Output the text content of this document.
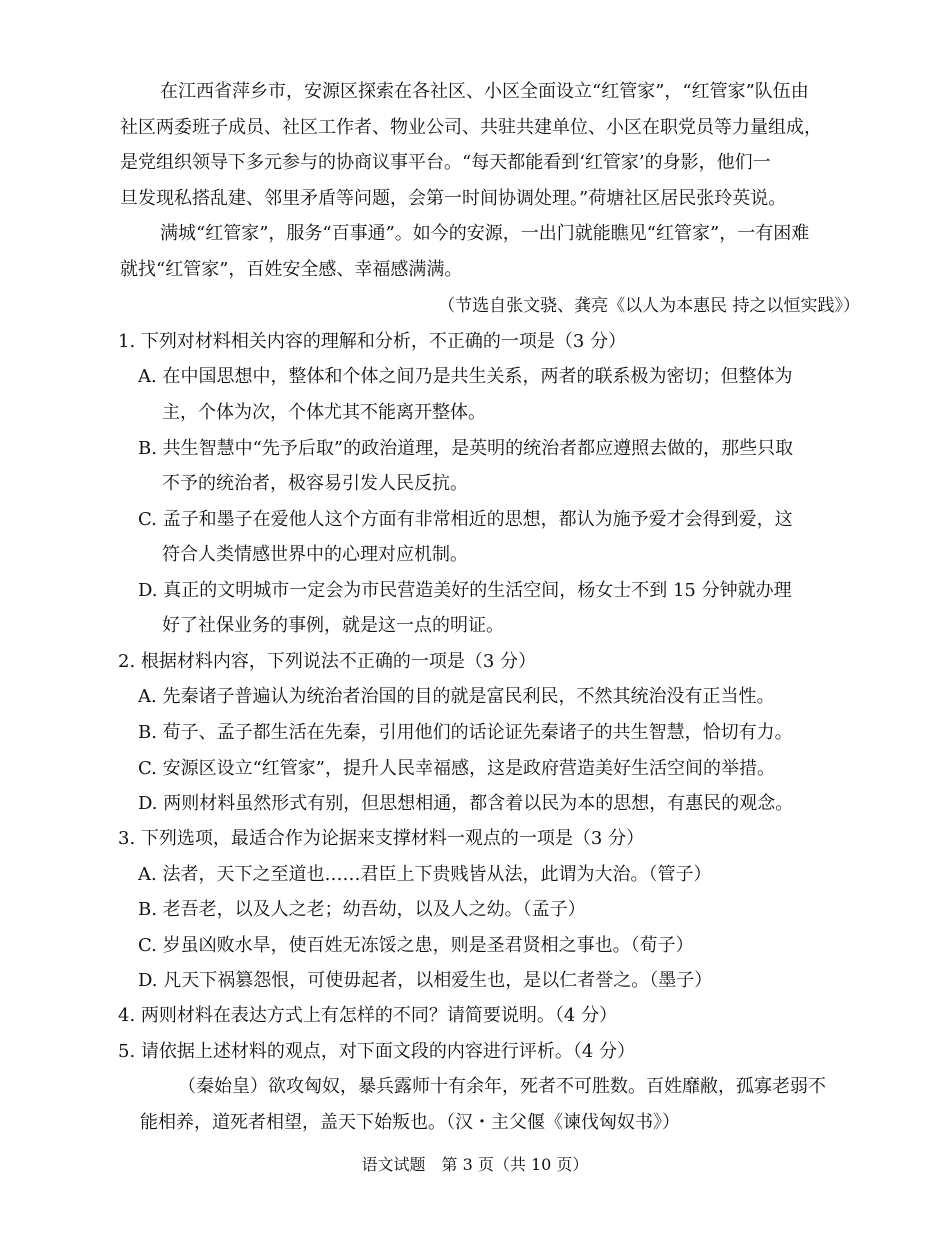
在江西省萍乡市，安源区探索在各社区、小区全面设立“红管家”，“红管家”队伍由
社区两委班子成员、社区工作者、物业公司、共驻共建单位、小区在职党员等力量组成，
是党组织领导下多元参与的协商议事平台。“每天都能看到‘红管家’的身影，他们一
旦发现私搭乱建、邻里矛盾等问题，会第一时间协调处理。”荷塘社区居民张玲英说。
满城“红管家”，服务“百事通”。如今的安源，一出门就能瞧见“红管家”，一有困难
就找“红管家”，百姓安全感、幸福感满满。
（节选自张文骁、龚亮《以人为本惠民 持之以恒实践》）
1. 下列对材料相关内容的理解和分析，不正确的一项是（3 分）
A. 在中国思想中，整体和个体之间乃是共生关系，两者的联系极为密切；但整体为
主，个体为次，个体尤其不能离开整体。
B. 共生智慧中“先予后取”的政治道理，是英明的统治者都应遵照去做的，那些只取
不予的统治者，极容易引发人民反抗。
C. 孟子和墨子在爱他人这个方面有非常相近的思想，都认为施予爱才会得到爱，这
符合人类情感世界中的心理对应机制。
D. 真正的文明城市一定会为市民营造美好的生活空间，杨女士不到 15 分钟就办理
好了社保业务的事例，就是这一点的明证。
2. 根据材料内容，下列说法不正确的一项是（3 分）
A. 先秦诸子普遍认为统治者治国的目的就是富民利民，不然其统治没有正当性。
B. 荀子、孟子都生活在先秦，引用他们的话论证先秦诸子的共生智慧，恰切有力。
C. 安源区设立“红管家”，提升人民幸福感，这是政府营造美好生活空间的举措。
D. 两则材料虽然形式有别，但思想相通，都含着以民为本的思想，有惠民的观念。
3. 下列选项，最适合作为论据来支撑材料一观点的一项是（3 分）
A. 法者，天下之至道也……君臣上下贵贱皆从法，此谓为大治。（管子）
B. 老吾老，以及人之老；幼吾幼，以及人之幼。（孟子）
C. 岁虽凶败水旱，使百姓无冻馁之患，则是圣君贤相之事也。（荀子）
D. 凡天下祸篡怨恨，可使毋起者，以相爱生也，是以仁者誉之。（墨子）
4. 两则材料在表达方式上有怎样的不同？请简要说明。（4 分）
5. 请依据上述材料的观点，对下面文段的内容进行评析。（4 分）
（秦始皇）欲攻匈奴，暴兵露师十有余年，死者不可胜数。百姓靡敝，孤寡老弱不
能相养，道死者相望，盖天下始叛也。（汉・主父偃《谏伐匈奴书》）
语文试题　第 3 页（共 10 页）
